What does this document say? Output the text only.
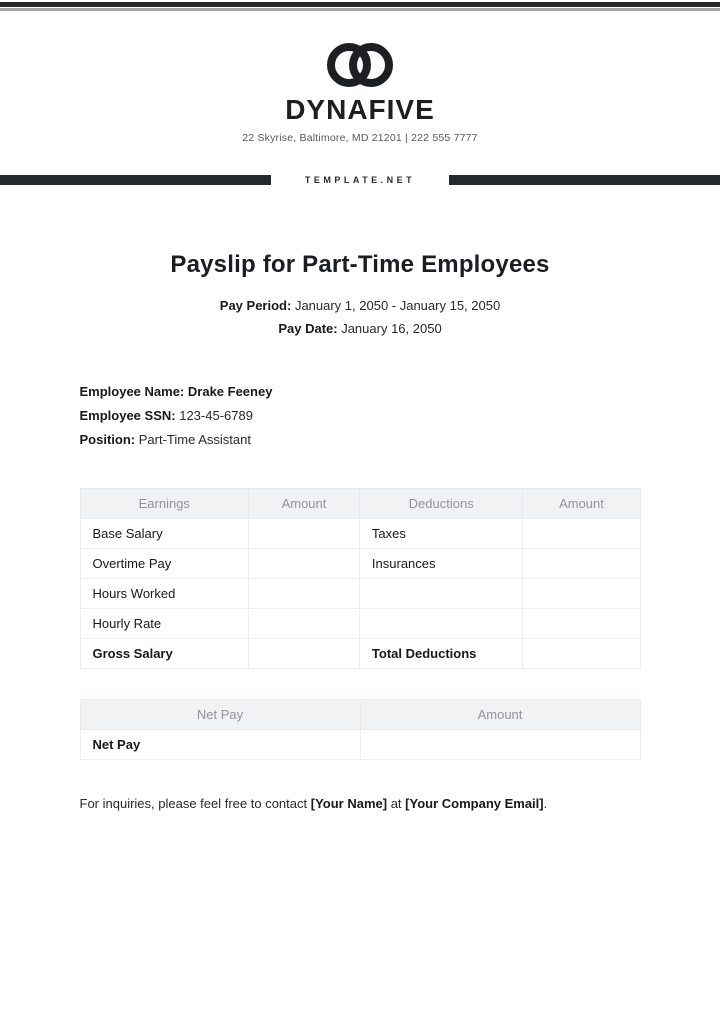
DYNAFIVE
22 Skyrise, Baltimore, MD 21201 | 222 555 7777
TEMPLATE.NET
Payslip for Part-Time Employees
Pay Period: January 1, 2050 - January 15, 2050
Pay Date: January 16, 2050
Employee Name: Drake Feeney
Employee SSN: 123-45-6789
Position: Part-Time Assistant
Earnings	Amount	Deductions	Amount
Base Salary		Taxes	
Overtime Pay		Insurances	
Hours Worked			
Hourly Rate			
Gross Salary		Total Deductions	
Net Pay	Amount
Net Pay	
For inquiries, please feel free to contact [Your Name] at [Your Company Email].
